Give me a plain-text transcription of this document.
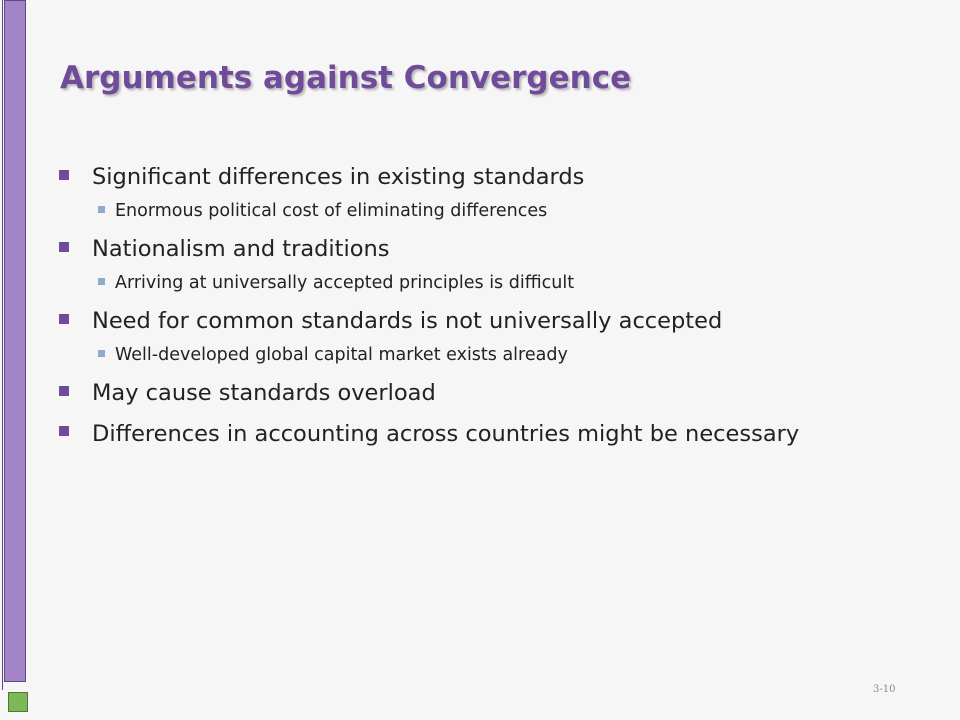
Arguments against Convergence
Significant differences in existing standards
Enormous political cost of eliminating differences
Nationalism and traditions
Arriving at universally accepted principles is difficult
Need for common standards is not universally accepted
Well-developed global capital market exists already
May cause standards overload
Differences in accounting across countries might be necessary
3-10
